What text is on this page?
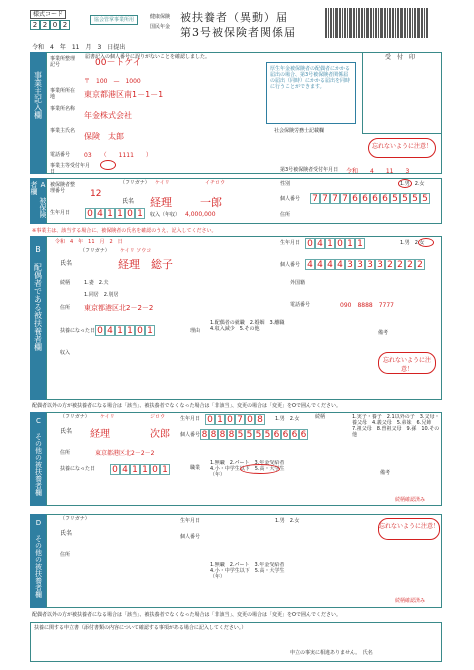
様式コード
2 2 0 2
協会管掌事業所用	健康保険
国民年金
被扶養者（異動）届
第3号被保険者関係届
令和　4　年　11　月　3　日提出
事業主記入欄
事業所整理記号	00－トケイ
届書記入の個人番号に誤りがないことを確認しました。
〒　100　—　1000
事業所所在地	東京都港区南1－1－1
事業所名称
年金株式会社
事業主氏名
保険　太郎
電話番号 03　　（　　1111　　）
厚生年金被保険者の配偶者にかかる届出の場合、第3号被保険者関係届の届出（同時）にかかる届出を同時に行うことができます。
受　付　印
社会保険労務士記載欄
忘れないように注意！
事業主等受付年月日	第3号被保険者受付年月日 令和　　4　　11　　3
A 被保険者欄	被保険者整理番号	12
（フリガナ） ケイリ	イチロウ
氏名 経理	一郎
生年月日 0 4 1 1 0 1	収入（年収） 4,000,000
性別	1.男　2.女
個人番号 7 7 7 7 6 6 6 6 5 5 5 5
住所
※事業主は、該当する場合に、被保険者の氏名を確認のうえ、記入してください。
B 配偶者である被扶養者欄
令和　4　年　11　月　2　日
（フリガナ） ケイリ ソウコ
氏名	経理　総子
生年月日 0 4 1 0 1 1	1.男　2.女
個人番号 4 4 4 4 3 3 3 3 2 2 2 2
外国籍
電話番号	090　8888　7777
住所 東京都港区北2－2－2
続柄	1.妻　2.夫
1.同居　2.別居
扶養になった日 0 4 1 1 0 1
収入
理由
1.配偶者の就職　2.婚姻　3.離職　4.収入減少　5.その他
備考
忘れないように注意！
配偶者以外の方が被扶養者になる場合は「該当」、被扶養者でなくなった場合は「非該当」、変更の場合は「変更」をOで囲んでください。
C その他の被扶養者欄	（フリガナ） ケイリ	ジロウ
氏名 経理	次郎
生年月日 0 1 0 7 0 8	1.男　2.女
個人番号 8 8 8 8 5 5 5 5 6 6 6 6
続柄	1.実子・養子　2.1以外の子　3.父母・養父母　4.義父母　5.弟妹　6.兄姉　7.祖父母　8.曽祖父母　9.孫　10.その他
住所	東京都港区北2－2－2
扶養になった日 0 4 1 1 0 1	職業
1.無職　2.パート　3.年金受給者　4.小・中学生以下　5.高・大学生（年）	備考
続柄確認済み
D その他の被扶養者欄	（フリガナ）
氏名
生年月日	1.男　2.女
個人番号
住所
1.無職　2.パート　3.年金受給者　4.小・中学生以下　5.高・大学生（年）
忘れないように注意！
続柄確認済み
配偶者以外の方が被扶養者になる場合は「該当」、被扶養者でなくなった場合は「非該当」、変更の場合は「変更」をOで囲んでください。
扶養に関する申立書（添付書類の内容について確認する事項がある場合に記入してください。）
申立の事実に相違ありません。　氏名
